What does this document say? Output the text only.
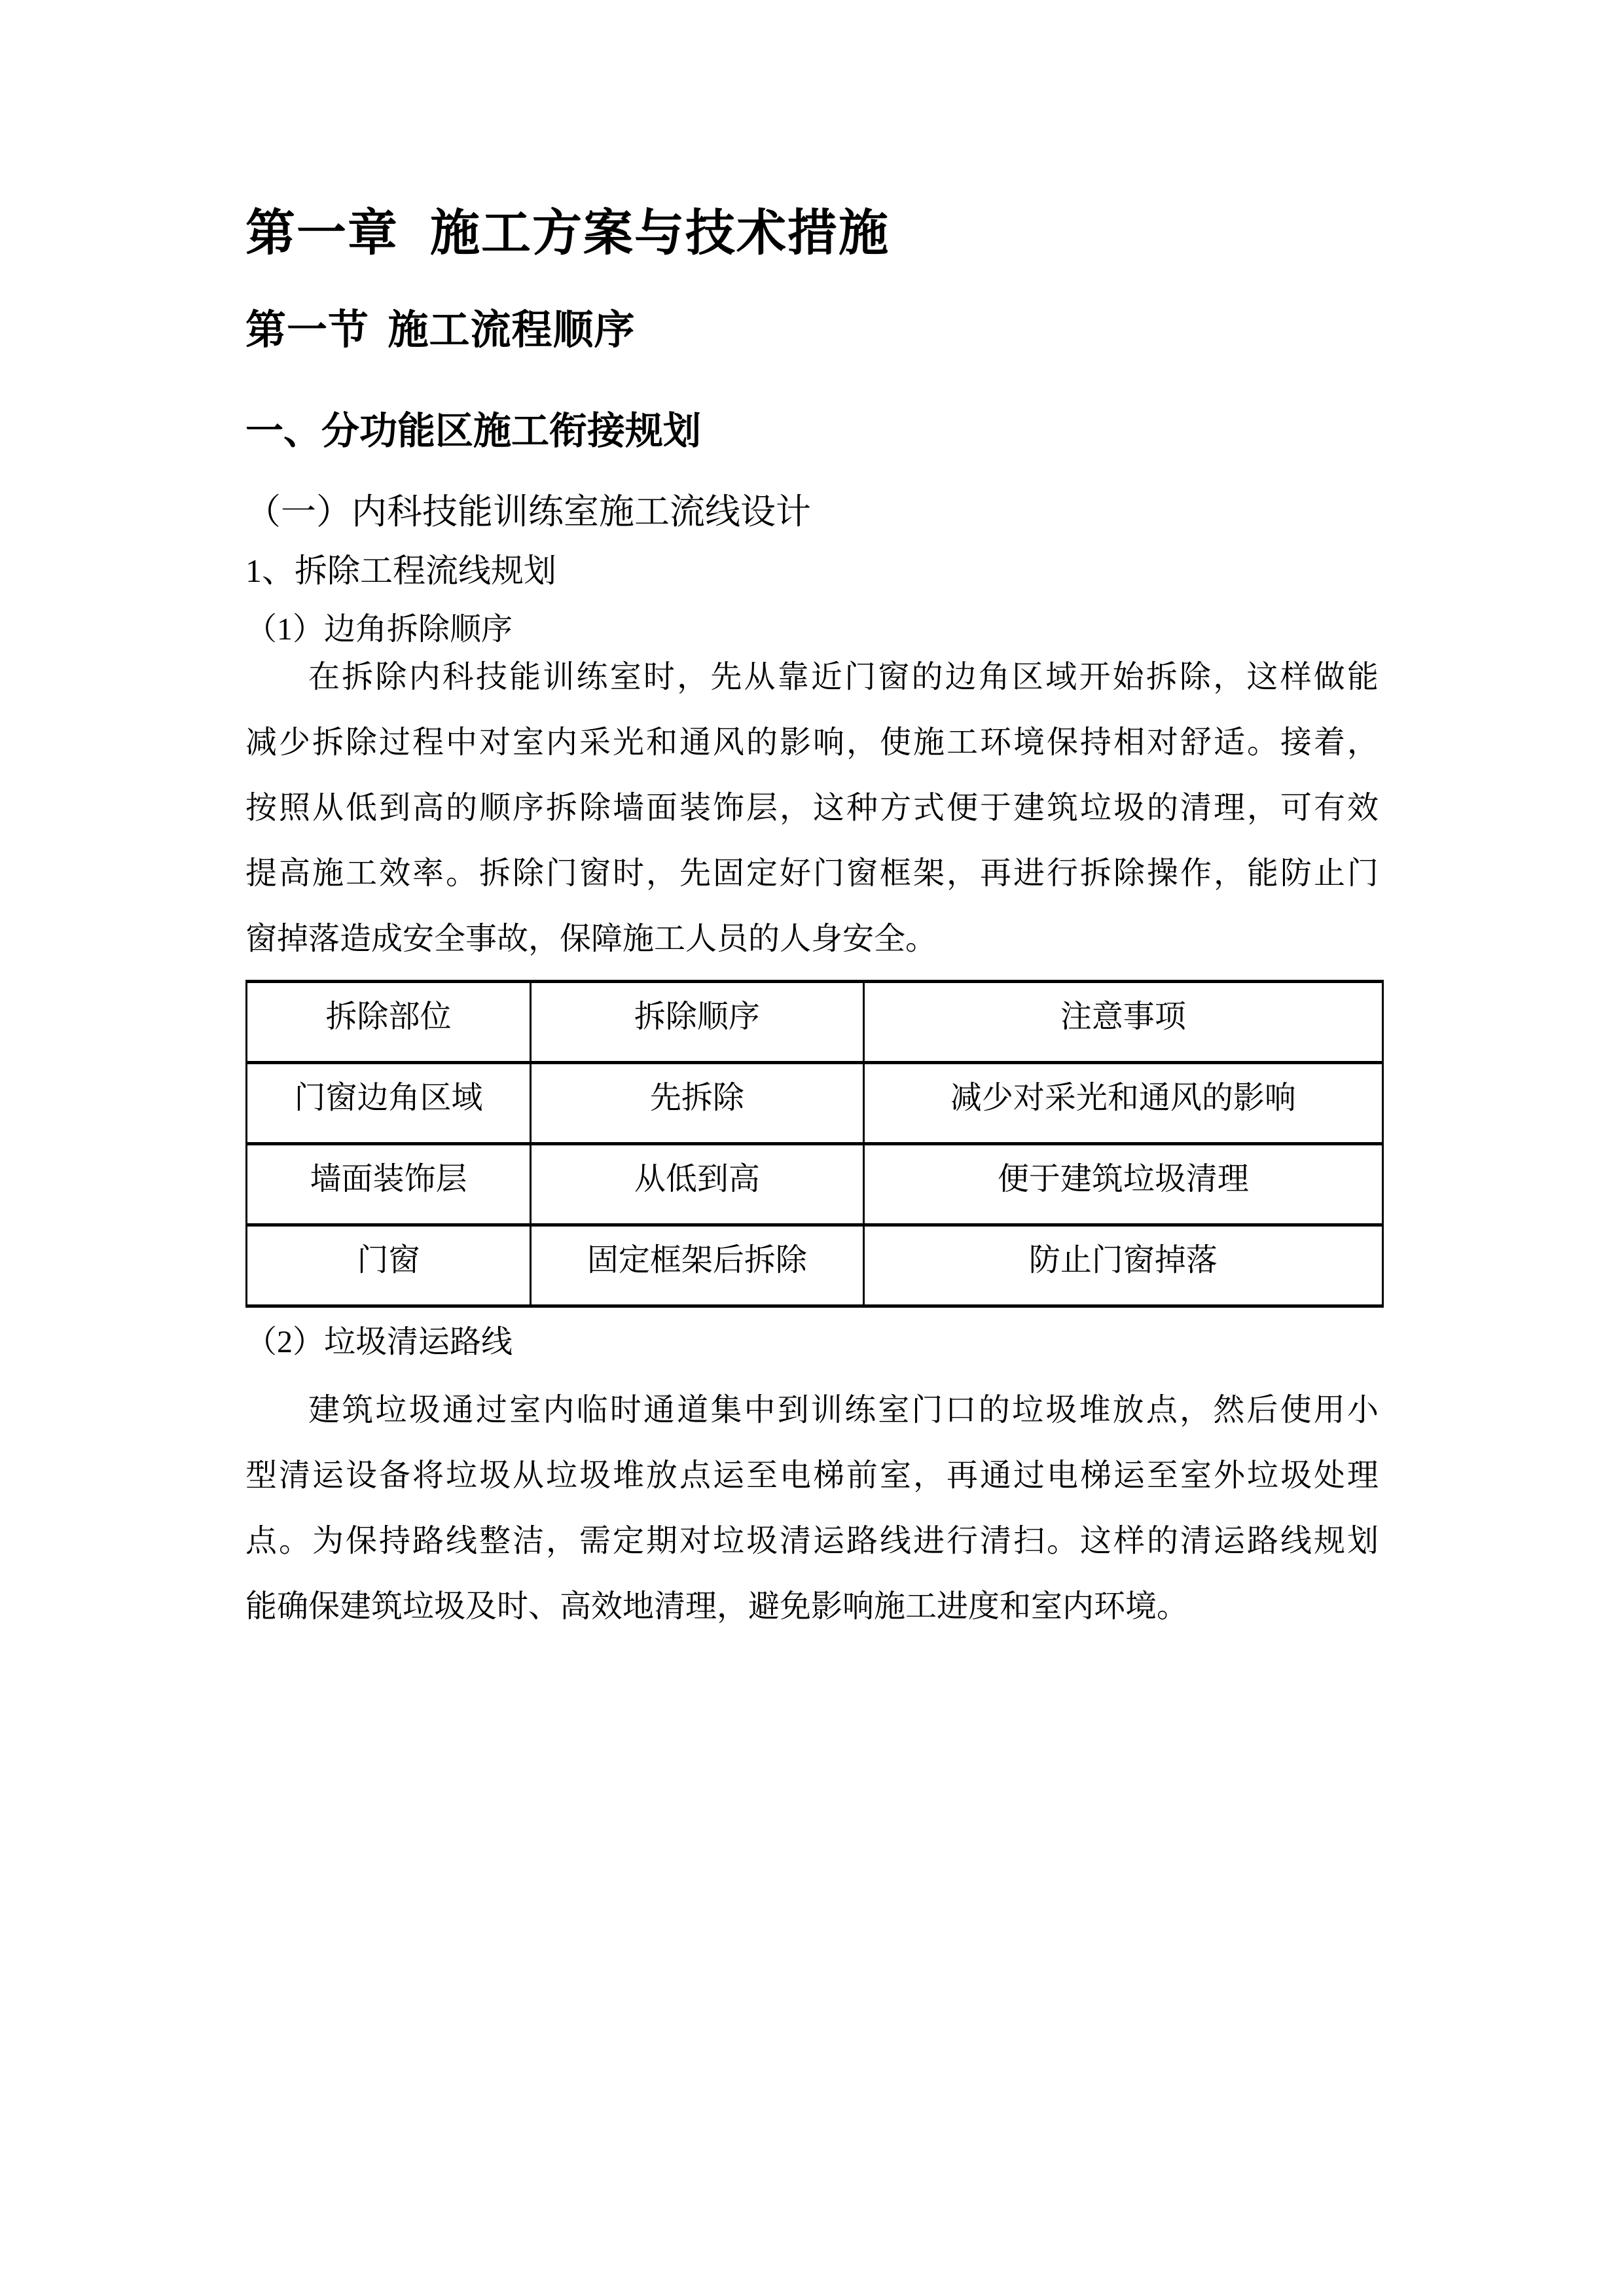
第一章 施工方案与技术措施
第一节 施工流程顺序
一、分功能区施工衔接规划
（一）内科技能训练室施工流线设计
1、拆除工程流线规划
（1）边角拆除顺序
在拆除内科技能训练室时，先从靠近门窗的边角区域开始拆除，这样做能
减少拆除过程中对室内采光和通风的影响，使施工环境保持相对舒适。接着，
按照从低到高的顺序拆除墙面装饰层，这种方式便于建筑垃圾的清理，可有效
提高施工效率。拆除门窗时，先固定好门窗框架，再进行拆除操作，能防止门
窗掉落造成安全事故，保障施工人员的人身安全。
拆除部位	拆除顺序	注意事项
门窗边角区域	先拆除	减少对采光和通风的影响
墙面装饰层	从低到高	便于建筑垃圾清理
门窗	固定框架后拆除	防止门窗掉落
（2）垃圾清运路线
建筑垃圾通过室内临时通道集中到训练室门口的垃圾堆放点，然后使用小
型清运设备将垃圾从垃圾堆放点运至电梯前室，再通过电梯运至室外垃圾处理
点。为保持路线整洁，需定期对垃圾清运路线进行清扫。这样的清运路线规划
能确保建筑垃圾及时、高效地清理，避免影响施工进度和室内环境。
